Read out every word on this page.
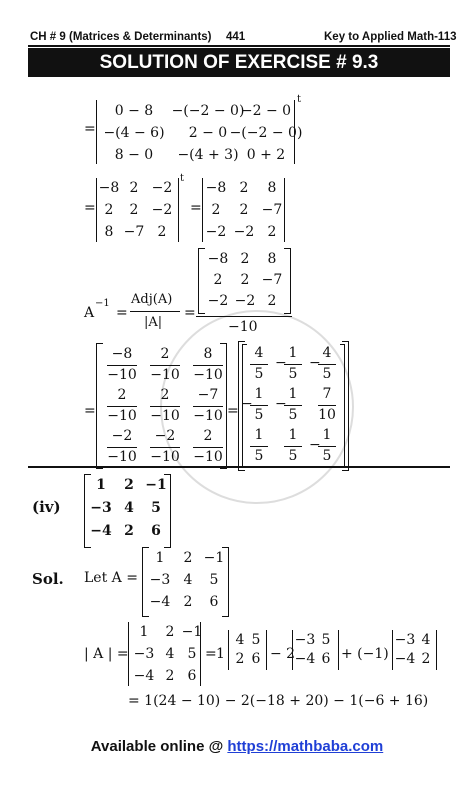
CH # 9 (Matrices & Determinants) 441	Key to Applied Math-113
SOLUTION OF EXERCISE # 9.3
=
0 − 8 −(−2 − 0)
−2 − 0
−(4 − 6) 2 − 0 −(−2 − 0)
8 − 0 −(4 + 3) 0 + 2
t
=
−8 2 −2
2 2 −2
8 −7 2
t
=
−8 2 8
2 2 −7
−2 −2 2
A
−1
=
Adj(A)
|A|
=
−8 2 8
2 2 −7
−2 −2 2
−10
=
−8
−10
2
−10
8
−10
2
−10
2
−10
−7
−10
−2
−10
−2
−10
2
−10
=
4
5
−
1
5
−
4
5
−
1
5
−
1
5
7
10
1
5
1
5
−
1
5
(iv)
1 2 −1
−3 4 5
−4 2 6
Sol. Let A =
1 2 −1
−3 4 5
−4 2 6
| A | =
1 2 −1
−3 4 5
−4 2 6
= 1
4 5
2 6 − 2
−3 5
−4 6 + (−1)
−3 4
−4 2
= 1(24 − 10) − 2(−18 + 20) − 1(−6 + 16)
Available online @ https://mathbaba.com
